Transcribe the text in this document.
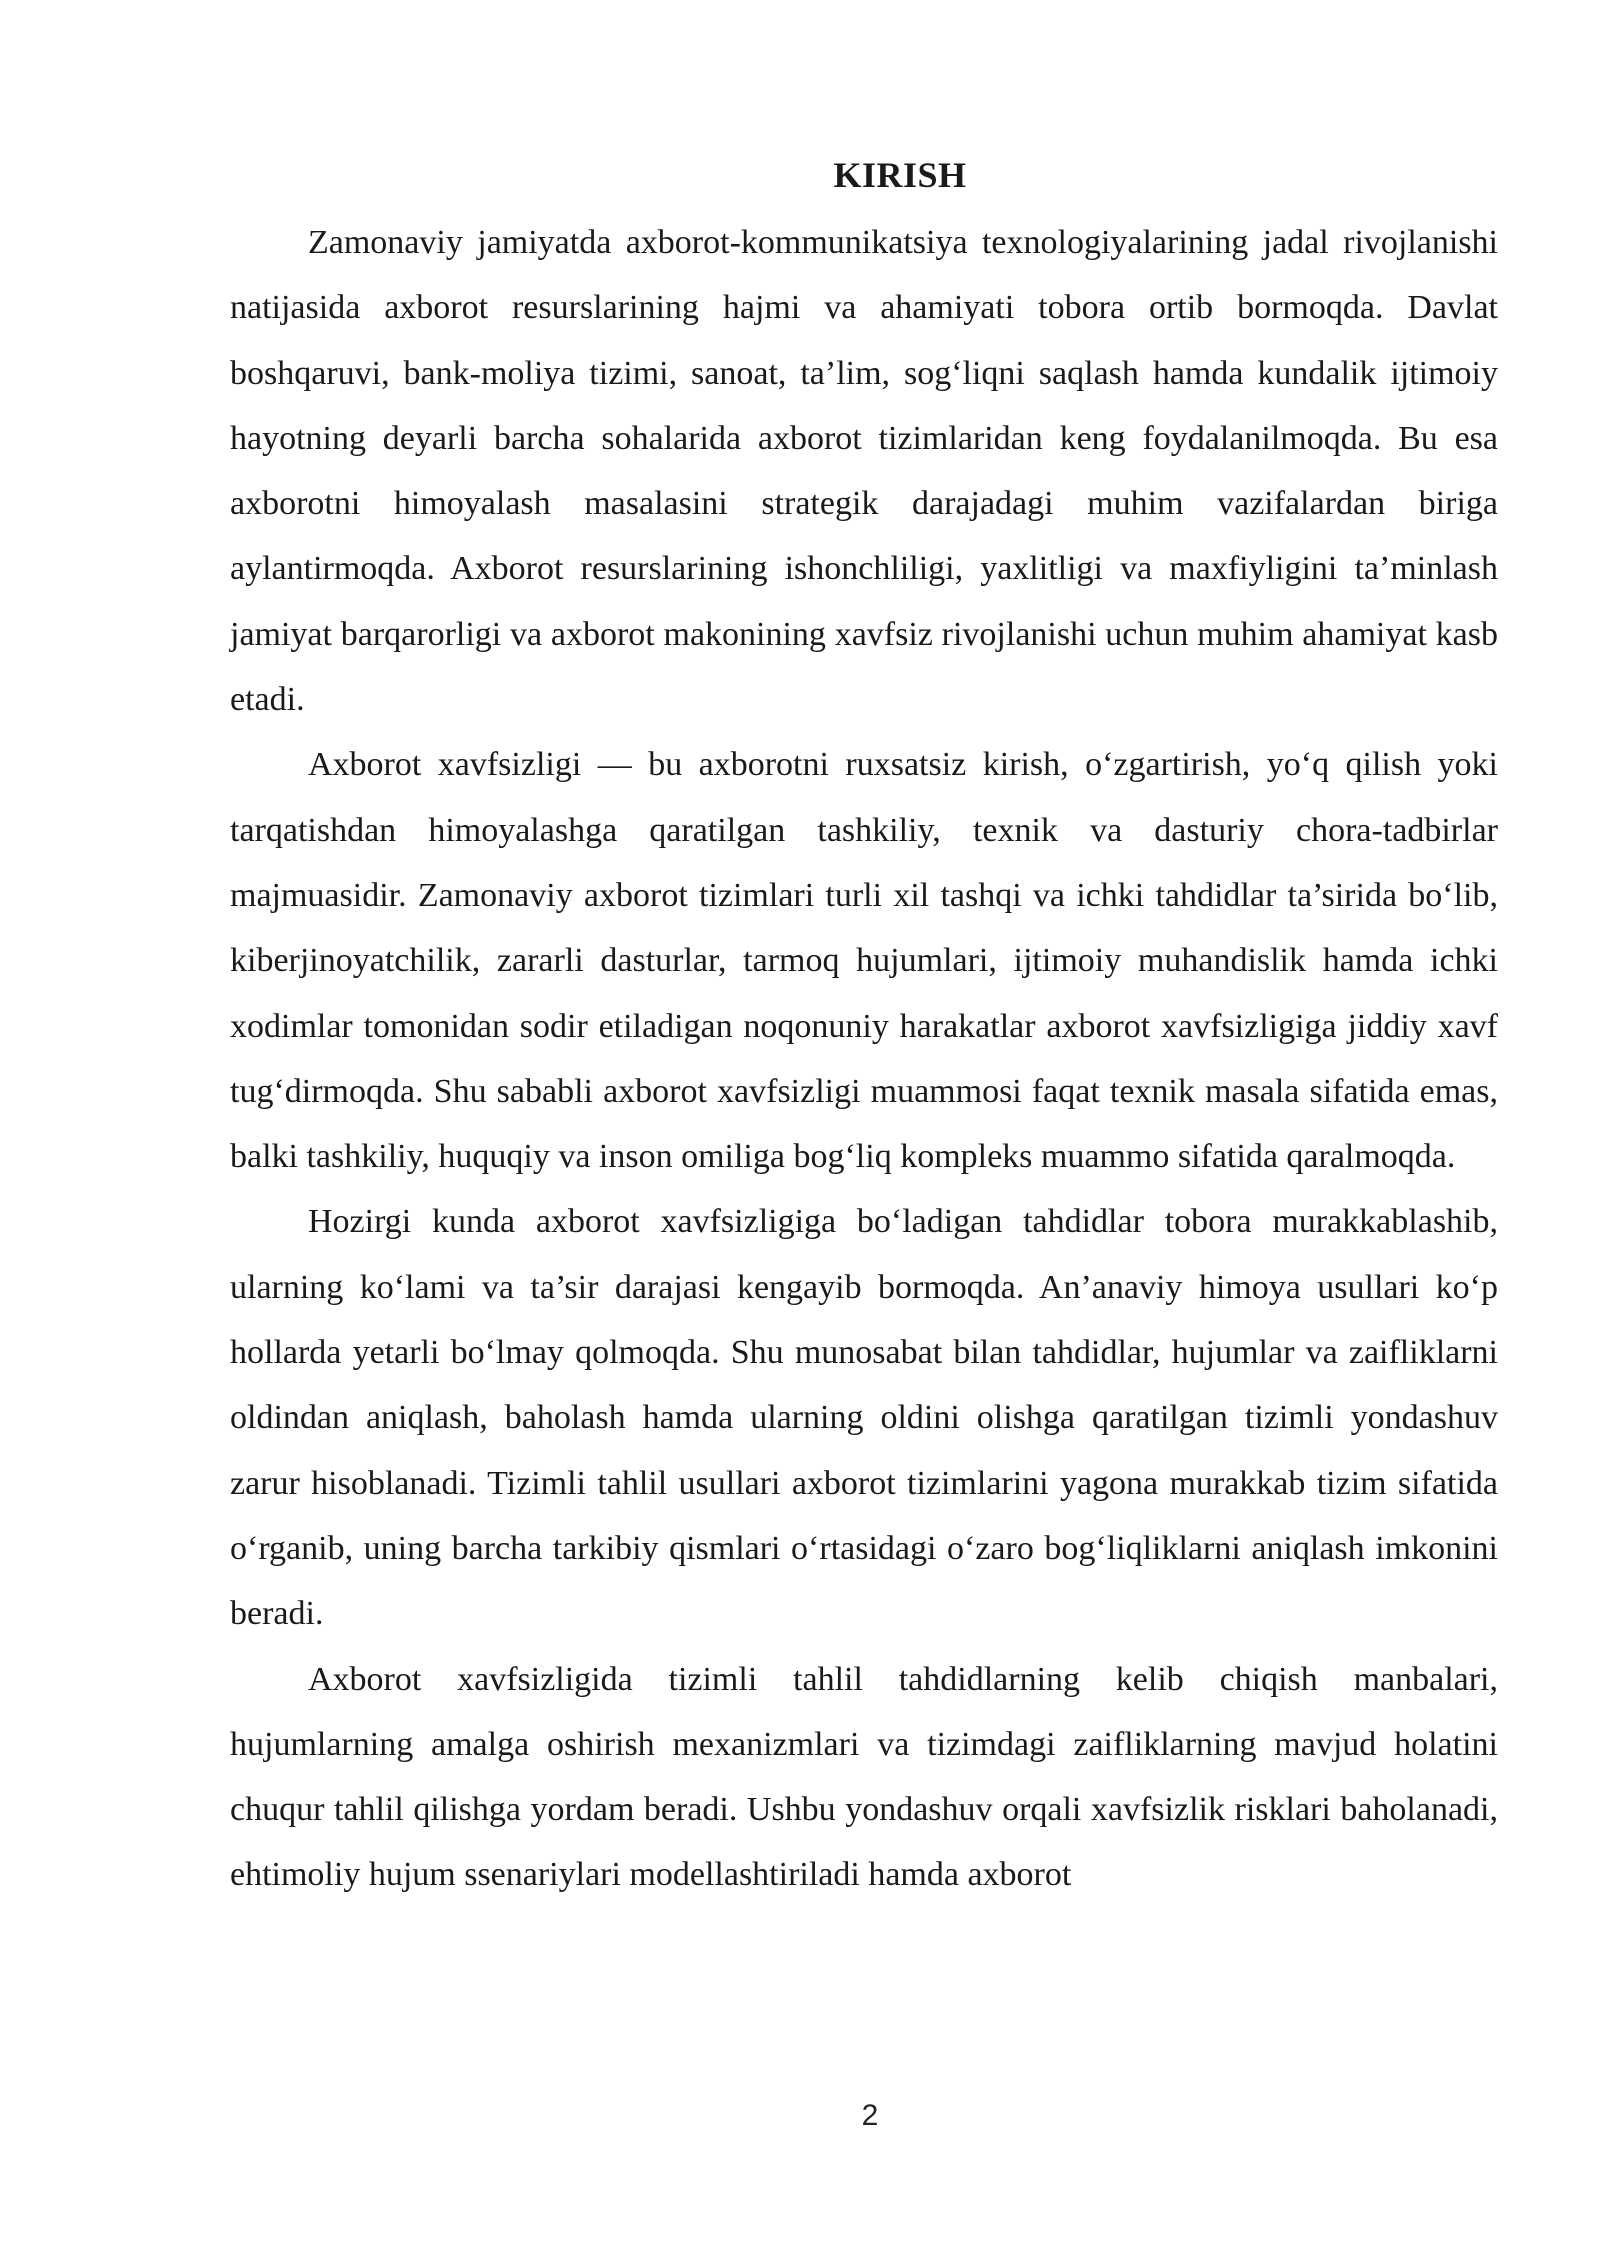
KIRISH

Zamonaviy jamiyatda axborot-kommunikatsiya texnologiyalarining jadal rivojlanishi natijasida axborot resurslarining hajmi va ahamiyati tobora ortib bormoqda. Davlat boshqaruvi, bank-moliya tizimi, sanoat, ta’lim, sog‘liqni saqlash hamda kundalik ijtimoiy hayotning deyarli barcha sohalarida axborot tizimlaridan keng foydalanilmoqda. Bu esa axborotni himoyalash masalasini strategik darajadagi muhim vazifalardan biriga aylantirmoqda. Axborot resurslarining ishonchliligi, yaxlitligi va maxfiyligini ta’minlash jamiyat barqarorligi va axborot makonining xavfsiz rivojlanishi uchun muhim ahamiyat kasb etadi.

Axborot xavfsizligi — bu axborotni ruxsatsiz kirish, o‘zgartirish, yo‘q qilish yoki tarqatishdan himoyalashga qaratilgan tashkiliy, texnik va dasturiy chora-tadbirlar majmuasidir. Zamonaviy axborot tizimlari turli xil tashqi va ichki tahdidlar ta’sirida bo‘lib, kiberjinoyatchilik, zararli dasturlar, tarmoq hujumlari, ijtimoiy muhandislik hamda ichki xodimlar tomonidan sodir etiladigan noqonuniy harakatlar axborot xavfsizligiga jiddiy xavf tug‘dirmoqda. Shu sababli axborot xavfsizligi muammosi faqat texnik masala sifatida emas, balki tashkiliy, huquqiy va inson omiliga bog‘liq kompleks muammo sifatida qaralmoqda.

Hozirgi kunda axborot xavfsizligiga bo‘ladigan tahdidlar tobora murakkablashib, ularning ko‘lami va ta’sir darajasi kengayib bormoqda. An’anaviy himoya usullari ko‘p hollarda yetarli bo‘lmay qolmoqda. Shu munosabat bilan tahdidlar, hujumlar va zaifliklarni oldindan aniqlash, baholash hamda ularning oldini olishga qaratilgan tizimli yondashuv zarur hisoblanadi. Tizimli tahlil usullari axborot tizimlarini yagona murakkab tizim sifatida o‘rganib, uning barcha tarkibiy qismlari o‘rtasidagi o‘zaro bog‘liqliklarni aniqlash imkonini beradi.

Axborot xavfsizligida tizimli tahlil tahdidlarning kelib chiqish manbalari, hujumlarning amalga oshirish mexanizmlari va tizimdagi zaifliklarning mavjud holatini chuqur tahlil qilishga yordam beradi. Ushbu yondashuv orqali xavfsizlik risklari baholanadi, ehtimoliy hujum ssenariylari modellashtiriladi hamda axborot

2
